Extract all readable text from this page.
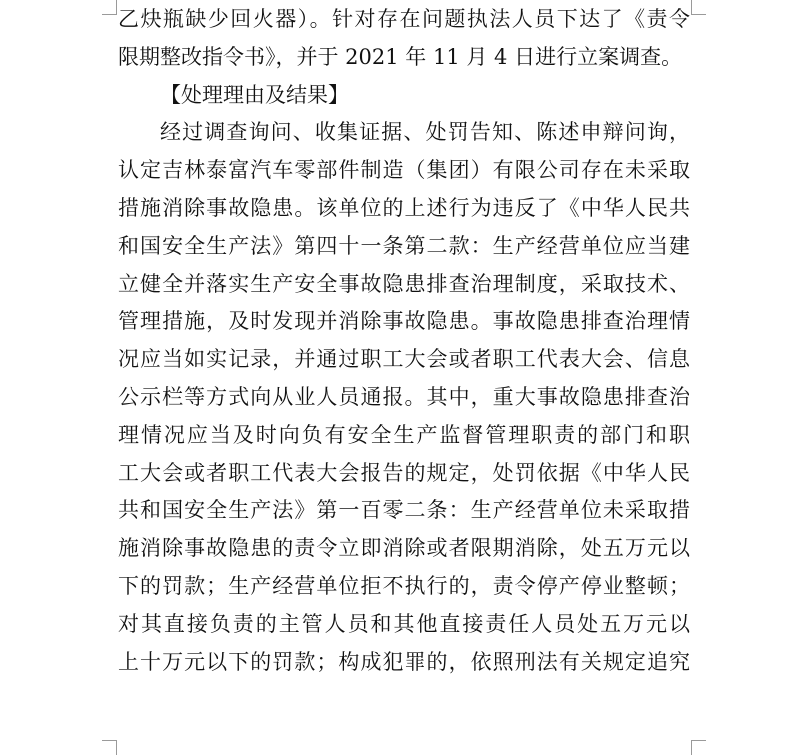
乙炔瓶缺少回火器）。针对存在问题执法人员下达了《责令
限期整改指令书》，并于 2021 年 11 月 4 日进行立案调查。
【处理理由及结果】
经过调查询问、收集证据、处罚告知、陈述申辩问询，
认定吉林泰富汽车零部件制造（集团）有限公司存在未采取
措施消除事故隐患。该单位的上述行为违反了《中华人民共
和国安全生产法》第四十一条第二款：生产经营单位应当建
立健全并落实生产安全事故隐患排查治理制度，采取技术、
管理措施，及时发现并消除事故隐患。事故隐患排查治理情
况应当如实记录，并通过职工大会或者职工代表大会、信息
公示栏等方式向从业人员通报。其中，重大事故隐患排查治
理情况应当及时向负有安全生产监督管理职责的部门和职
工大会或者职工代表大会报告的规定，处罚依据《中华人民
共和国安全生产法》第一百零二条：生产经营单位未采取措
施消除事故隐患的责令立即消除或者限期消除，处五万元以
下的罚款；生产经营单位拒不执行的，责令停产停业整顿；
对其直接负责的主管人员和其他直接责任人员处五万元以
上十万元以下的罚款；构成犯罪的，依照刑法有关规定追究
